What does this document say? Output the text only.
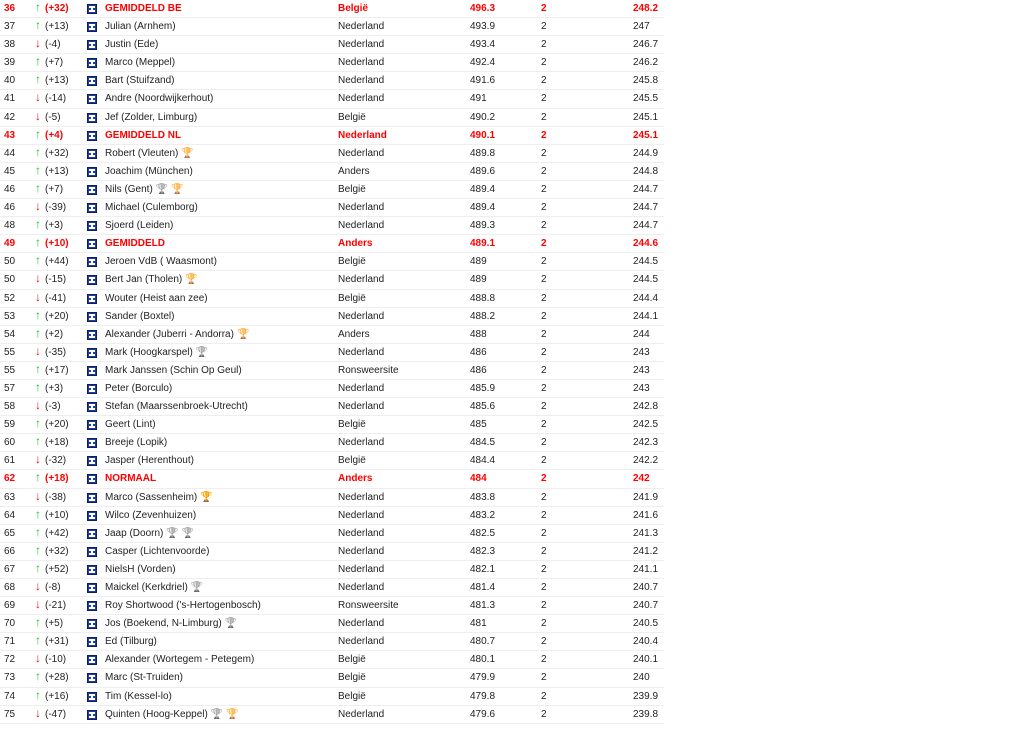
36 ↑ (+32)	GEMIDDELD BE	België	496.3	2	248.2
37 ↑ (+13)	Julian (Arnhem)	Nederland	493.9	2	247
38 ↓ (-4)	Justin (Ede)	Nederland	493.4	2	246.7
39 ↑ (+7)	Marco (Meppel)	Nederland	492.4	2	246.2
40 ↑ (+13)	Bart (Stuifzand)	Nederland	491.6	2	245.8
41 ↓ (-14)	Andre (Noordwijkerhout)	Nederland	491	2	245.5
42 ↓ (-5)	Jef (Zolder, Limburg)	België	490.2	2	245.1
43 ↑ (+4)	GEMIDDELD NL	Nederland	490.1	2	245.1
44 ↑ (+32)	Robert (Vleuten) 🏆	Nederland	489.8	2	244.9
45 ↑ (+13)	Joachim (München)	Anders	489.6	2	244.8
46 ↑ (+7)	Nils (Gent) 🏆 🏆	België	489.4	2	244.7
46 ↓ (-39)	Michael (Culemborg)	Nederland	489.4	2	244.7
48 ↑ (+3)	Sjoerd (Leiden)	Nederland	489.3	2	244.7
49 ↑ (+10)	GEMIDDELD	Anders	489.1	2	244.6
50 ↑ (+44)	Jeroen VdB ( Waasmont)	België	489	2	244.5
50 ↓ (-15)	Bert Jan (Tholen) 🏆	Nederland	489	2	244.5
52 ↓ (-41)	Wouter (Heist aan zee)	België	488.8	2	244.4
53 ↑ (+20)	Sander (Boxtel)	Nederland	488.2	2	244.1
54 ↑ (+2)	Alexander (Juberri - Andorra) 🏆	Anders	488	2	244
55 ↓ (-35)	Mark (Hoogkarspel) 🏆	Nederland	486	2	243
55 ↑ (+17)	Mark Janssen (Schin Op Geul)	Ronsweersite	486	2	243
57 ↑ (+3)	Peter (Borculo)	Nederland	485.9	2	243
58 ↓ (-3)	Stefan (Maarssenbroek-Utrecht)	Nederland	485.6	2	242.8
59 ↑ (+20)	Geert (Lint)	België	485	2	242.5
60 ↑ (+18)	Breeje (Lopik)	Nederland	484.5	2	242.3
61 ↓ (-32)	Jasper (Herenthout)	België	484.4	2	242.2
62 ↑ (+18)	NORMAAL	Anders	484	2	242
63 ↓ (-38)	Marco (Sassenheim) 🏆	Nederland	483.8	2	241.9
64 ↑ (+10)	Wilco (Zevenhuizen)	Nederland	483.2	2	241.6
65 ↑ (+42)	Jaap (Doorn) 🏆 🏆	Nederland	482.5	2	241.3
66 ↑ (+32)	Casper (Lichtenvoorde)	Nederland	482.3	2	241.2
67 ↑ (+52)	NielsH (Vorden)	Nederland	482.1	2	241.1
68 ↓ (-8)	Maickel (Kerkdriel) 🏆	Nederland	481.4	2	240.7
69 ↓ (-21)	Roy Shortwood ('s-Hertogenbosch)	Ronsweersite	481.3	2	240.7
70 ↑ (+5)	Jos (Boekend, N-Limburg) 🏆	Nederland	481	2	240.5
71 ↑ (+31)	Ed (Tilburg)	Nederland	480.7	2	240.4
72 ↓ (-10)	Alexander (Wortegem - Petegem)	België	480.1	2	240.1
73 ↑ (+28)	Marc (St-Truiden)	België	479.9	2	240
74 ↑ (+16)	Tim (Kessel-lo)	België	479.8	2	239.9
75 ↓ (-47)	Quinten (Hoog-Keppel) 🏆 🏆	Nederland	479.6	2	239.8
